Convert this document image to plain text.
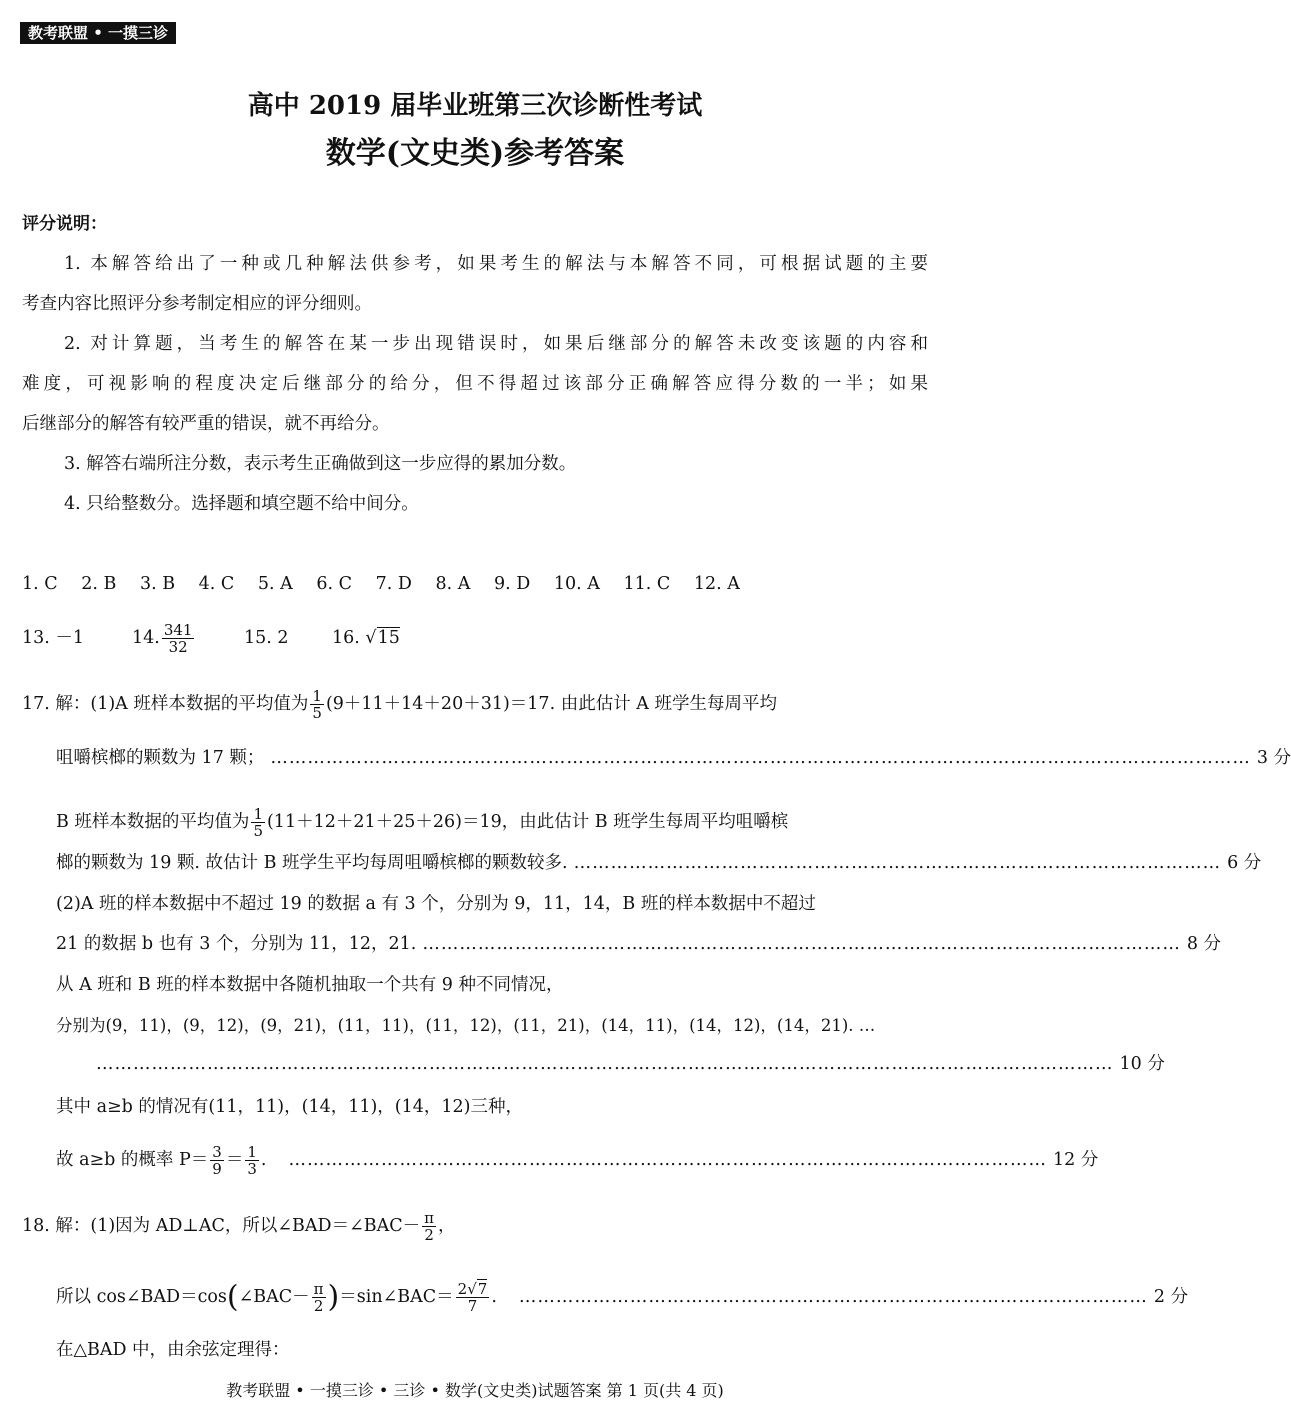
教考联盟 • 一摸三诊
高中 2019 届毕业班第三次诊断性考试
数学(文史类)参考答案
评分说明：
1. 本解答给出了一种或几种解法供参考，如果考生的解法与本解答不同，可根据试题的主要
考查内容比照评分参考制定相应的评分细则。
2. 对计算题，当考生的解答在某一步出现错误时，如果后继部分的解答未改变该题的内容和
难度，可视影响的程度决定后继部分的给分，但不得超过该部分正确解答应得分数的一半；如果
后继部分的解答有较严重的错误，就不再给分。
3. 解答右端所注分数，表示考生正确做到这一步应得的累加分数。
4. 只给整数分。选择题和填空题不给中间分。
1. C 2. B 3. B 4. C 5. A 6. C 7. D 8. A 9. D 10. A 11. C 12. A
13. －1	14. $\frac{341}{32}$	15. 2 16. √15
17. 解：(1)A 班样本数据的平均值为 $\frac{1}{5} (9+11+14+20+31)=17$. 由此估计 A 班学生每周平均
咀嚼槟榔的颗数为 17 颗； …………………………………………………………………………………………………………………………………………… 3 分
B 班样本数据的平均值为 $\frac{1}{5} (11+12+21+25+26)=19$，由此估计 B 班学生每周平均咀嚼槟
榔的颗数为 19 颗. 故估计 B 班学生平均每周咀嚼槟榔的颗数较多. …………………………………………………………………………………………… 6 分
(2)A 班的样本数据中不超过 19 的数据 a 有 3 个，分别为 9，11，14，B 班的样本数据中不超过
21 的数据 b 也有 3 个，分别为 11，12，21. …………………………………………………………………………………………………………… 8 分
从 A 班和 B 班的样本数据中各随机抽取一个共有 9 种不同情况，
分别为(9，11)，(9，12)，(9，21)，(11，11)，(11，12)，(11，21)，(14，11)，(14，12)，(14，21). …
………………………………………………………………………………………………………………………………………………… 10 分
其中 a≥b 的情况有(11，11)，(14，11)，(14，12)三种，
故 a≥b 的概率 $P= \frac{3}{9} = \frac{1}{3}$ . …………………………………………………………………………………………………………… 12 分
18. 解：(1)因为 AD⊥AC，所以∠BAD＝∠BAC－ $\frac{\pi}{2}$ ，
所以 cos∠BAD＝cos(∠BAC－ $\frac{\pi}{2}$ )＝sin∠BAC＝ $\frac{2√7}{7}$ . ………………………………………………………………………………………… 2 分
在△BAD 中，由余弦定理得：
教考联盟 • 一摸三诊 • 三诊 • 数学(文史类)试题答案 第 1 页(共 4 页)
